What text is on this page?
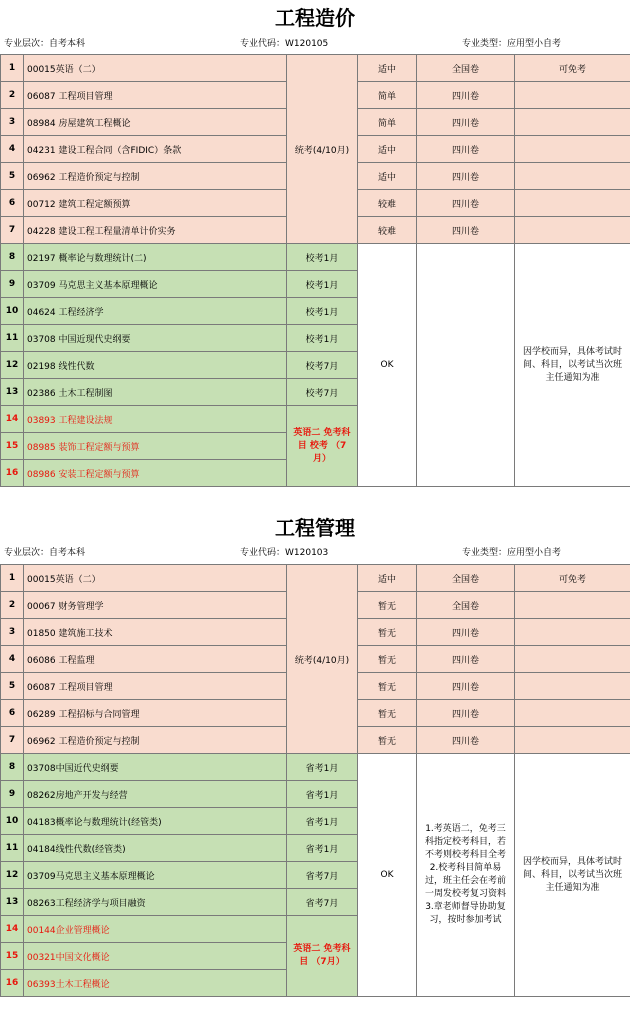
工程造价
专业层次：自考本科	专业代码：W120105	专业类型：应用型小自考
1	00015英语（二）	统考(4/10月)	适中	全国卷	可免考
2	06087 工程项目管理		简单	四川卷	
3	08984 房屋建筑工程概论		简单	四川卷	
4	04231 建设工程合同（含FIDIC）条款		适中	四川卷	
5	06962 工程造价预定与控制		适中	四川卷	
6	00712 建筑工程定额预算		较难	四川卷	
7	04228 建设工程工程量清单计价实务		较难	四川卷	
8	02197 概率论与数理统计(二)	校考1月	OK		因学校而异，具体考试时间、科目，以考试当次班主任通知为准
9	03709 马克思主义基本原理概论	校考1月			
10	04624 工程经济学	校考1月			
11	03708 中国近现代史纲要	校考1月			
12	02198 线性代数	校考7月			
13	02386 土木工程制图	校考7月			
14	03893 工程建设法规	英语二 免考科目 校考 （7月）			
15	08985 装饰工程定额与预算				
16	08986 安装工程定额与预算				
工程管理
专业层次：自考本科	专业代码：W120103	专业类型：应用型小自考
1	00015英语（二）	统考(4/10月)	适中	全国卷	可免考
2	00067 财务管理学		暂无	全国卷	
3	01850 建筑施工技术		暂无	四川卷	
4	06086 工程监理		暂无	四川卷	
5	06087 工程项目管理		暂无	四川卷	
6	06289 工程招标与合同管理		暂无	四川卷	
7	06962 工程造价预定与控制		暂无	四川卷	
8	03708中国近代史纲要	省考1月	OK	1.考英语二，免考三科指定校考科目，若不考则校考科目全考 2.校考科目简单易过，班主任会在考前一周发校考复习资料 3.章老师督导协助复习，按时参加考试	因学校而异，具体考试时间、科目，以考试当次班主任通知为准
9	08262房地产开发与经营	省考1月			
10	04183概率论与数理统计(经管类)	省考1月			
11	04184线性代数(经管类)	省考1月			
12	03709马克思主义基本原理概论	省考7月			
13	08263工程经济学与项目融资	省考7月			
14	00144企业管理概论	英语二 免考科目 （7月）			
15	00321中国文化概论				
16	06393土木工程概论				
